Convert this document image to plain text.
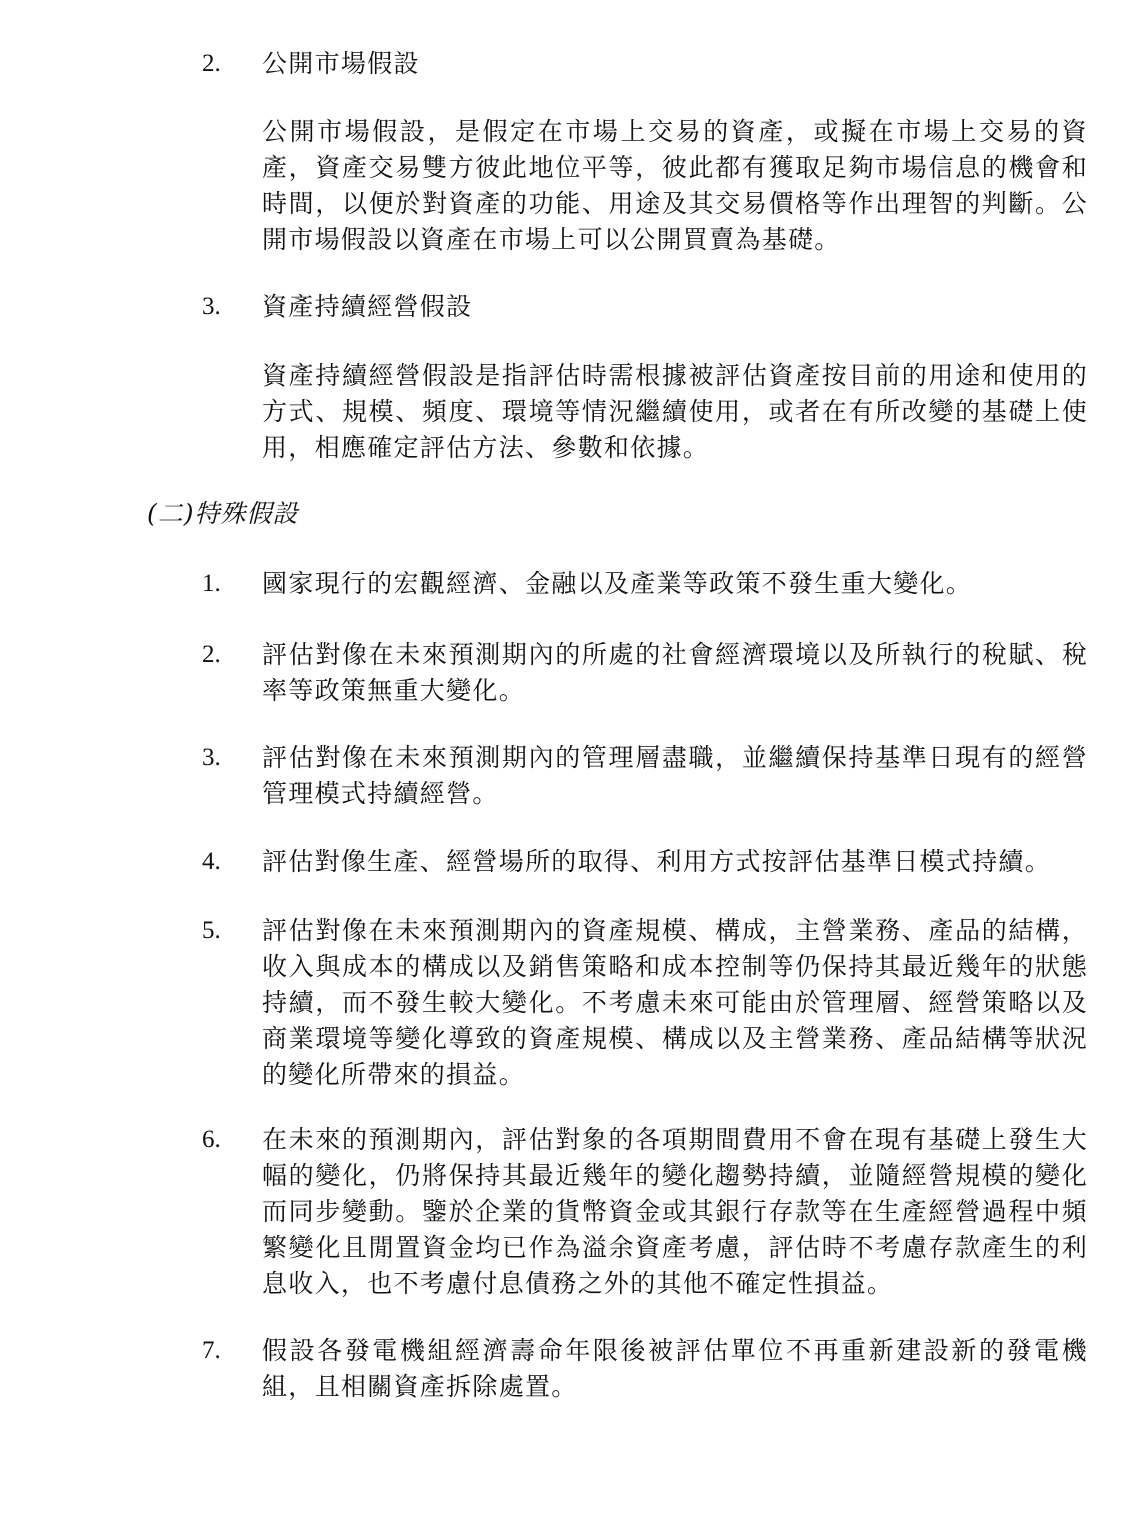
2.	公開市場假設
公開市場假設，是假定在市場上交易的資產，或擬在市場上交易的資產，資產交易雙方彼此地位平等，彼此都有獲取足夠市場信息的機會和時間，以便於對資產的功能、用途及其交易價格等作出理智的判斷。公開市場假設以資產在市場上可以公開買賣為基礎。
3.	資產持續經營假設
資產持續經營假設是指評估時需根據被評估資產按目前的用途和使用的方式、規模、頻度、環境等情況繼續使用，或者在有所改變的基礎上使用，相應確定評估方法、參數和依據。
(二)特殊假設
1.	國家現行的宏觀經濟、金融以及產業等政策不發生重大變化。
2.	評估對像在未來預測期內的所處的社會經濟環境以及所執行的稅賦、稅率等政策無重大變化。
3.	評估對像在未來預測期內的管理層盡職，並繼續保持基準日現有的經營管理模式持續經營。
4.	評估對像生產、經營場所的取得、利用方式按評估基準日模式持續。
5.	評估對像在未來預測期內的資產規模、構成，主營業務、產品的結構，收入與成本的構成以及銷售策略和成本控制等仍保持其最近幾年的狀態持續，而不發生較大變化。不考慮未來可能由於管理層、經營策略以及商業環境等變化導致的資產規模、構成以及主營業務、產品結構等狀況的變化所帶來的損益。
6.	在未來的預測期內，評估對象的各項期間費用不會在現有基礎上發生大幅的變化，仍將保持其最近幾年的變化趨勢持續，並隨經營規模的變化而同步變動。鑒於企業的貨幣資金或其銀行存款等在生產經營過程中頻繁變化且閒置資金均已作為溢余資產考慮，評估時不考慮存款產生的利息收入，也不考慮付息債務之外的其他不確定性損益。
7.	假設各發電機組經濟壽命年限後被評估單位不再重新建設新的發電機組，且相關資產拆除處置。
